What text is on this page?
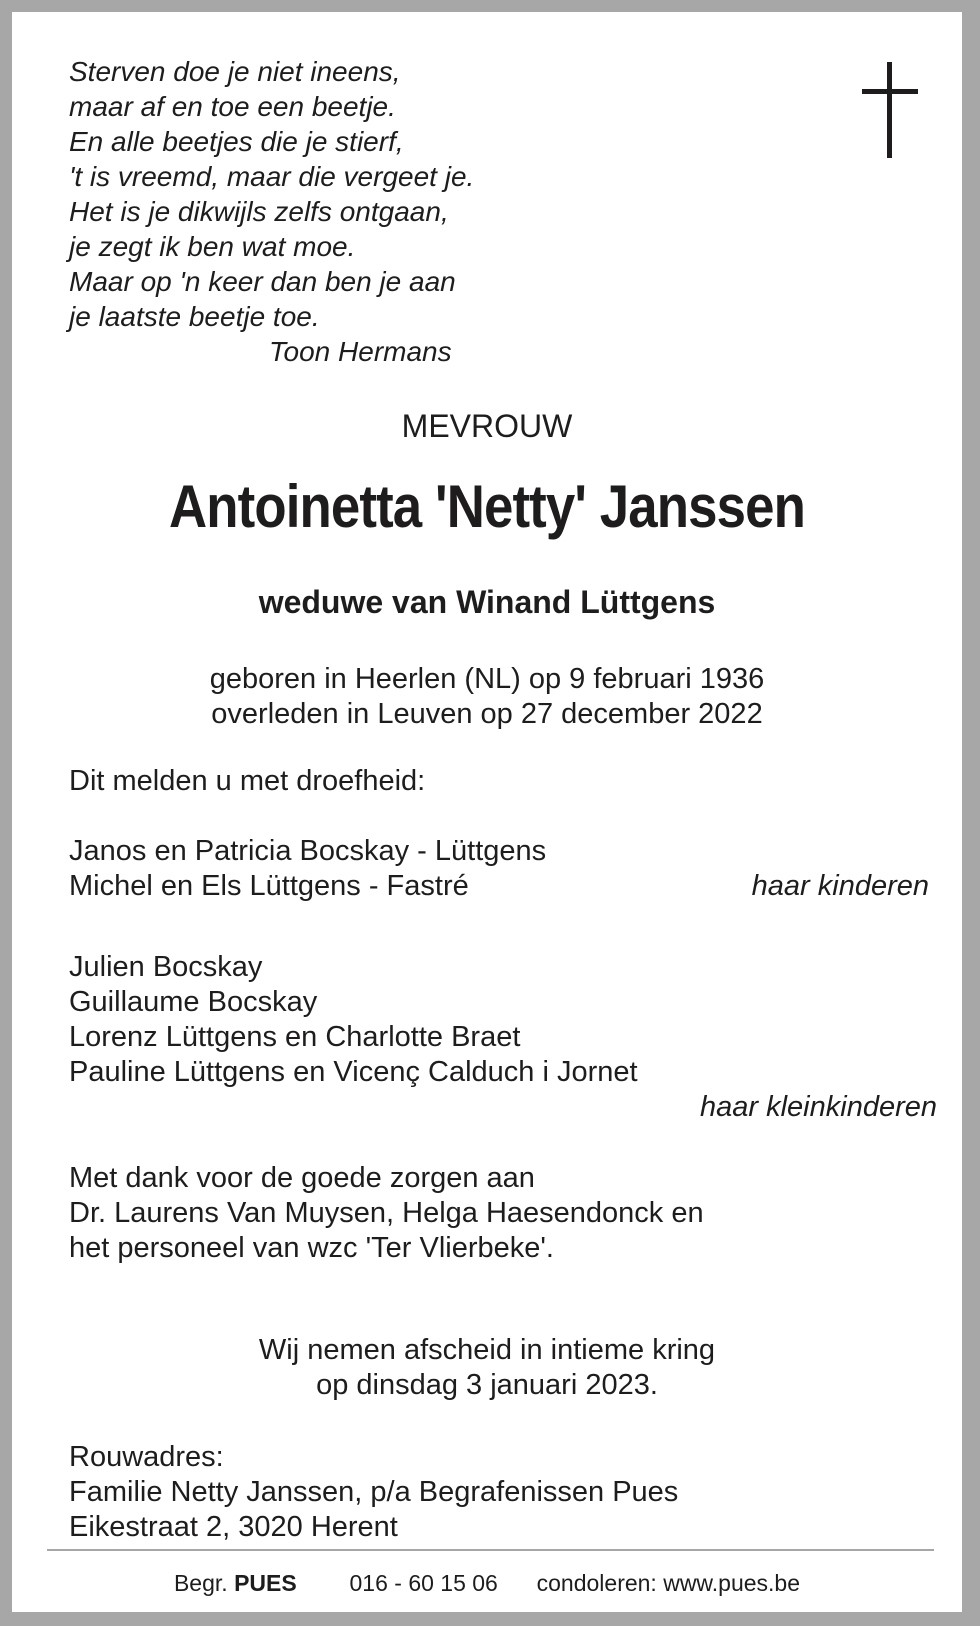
Sterven doe je niet ineens,
maar af en toe een beetje.
En alle beetjes die je stierf,
't is vreemd, maar die vergeet je.
Het is je dikwijls zelfs ontgaan,
je zegt ik ben wat moe.
Maar op 'n keer dan ben je aan
je laatste beetje toe.
Toon Hermans

MEVROUW
Antoinetta 'Netty' Janssen
weduwe van Winand Lüttgens
geboren in Heerlen (NL) op 9 februari 1936
overleden in Leuven op 27 december 2022
Dit melden u met droefheid:
Janos en Patricia Bocskay - Lüttgens
Michel en Els Lüttgens - Fastré	haar kinderen
Julien Bocskay
Guillaume Bocskay
Lorenz Lüttgens en Charlotte Braet
Pauline Lüttgens en Vicenç Calduch i Jornet
haar kleinkinderen
Met dank voor de goede zorgen aan
Dr. Laurens Van Muysen, Helga Haesendonck en
het personeel van wzc 'Ter Vlierbeke'.
Wij nemen afscheid in intieme kring
op dinsdag 3 januari 2023.
Rouwadres:
Familie Netty Janssen, p/a Begrafenissen Pues
Eikestraat 2, 3020 Herent
Begr. PUES 016 - 60 15 06 condoleren: www.pues.be
